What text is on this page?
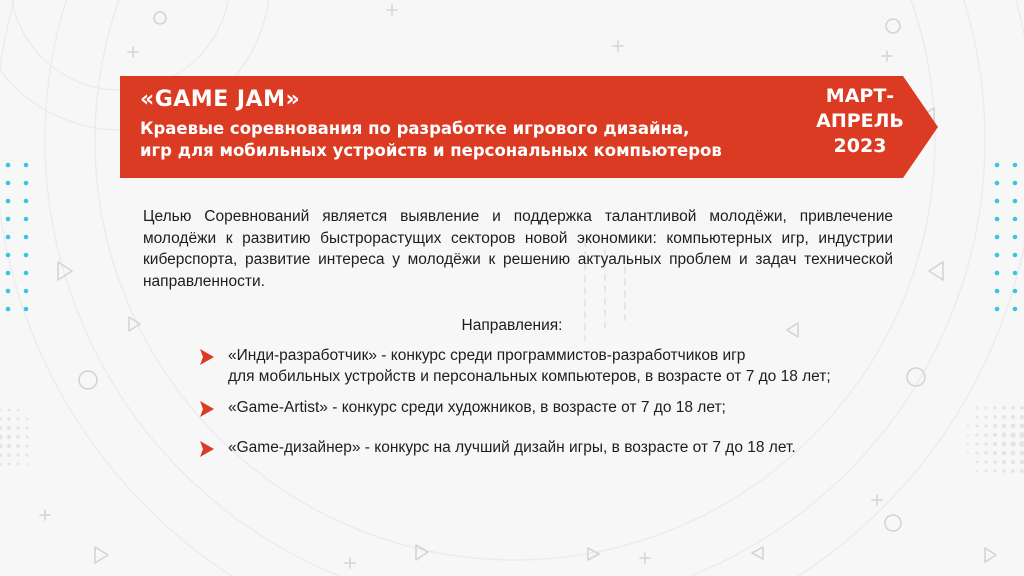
«GAME JAM»
Краевые соревнования по разработке игрового дизайна,
игр для мобильных устройств и персональных компьютеров
МАРТ-
АПРЕЛЬ
2023

Целью Соревнований является выявление и поддержка талантливой молодёжи, привлечение молодёжи к развитию быстрорастущих секторов новой экономики: компьютерных игр, индустрии киберспорта, развитие интереса у молодёжи к решению актуальных проблем и задач технической направленности.

Направления:
«Инди-разработчик» - конкурс среди программистов-разработчиков игр
для мобильных устройств и персональных компьютеров, в возрасте от 7 до 18 лет;
«Game-Artist» - конкурс среди художников, в возрасте от 7 до 18 лет;
«Game-дизайнер» - конкурс на лучший дизайн игры, в возрасте от 7 до 18 лет.
